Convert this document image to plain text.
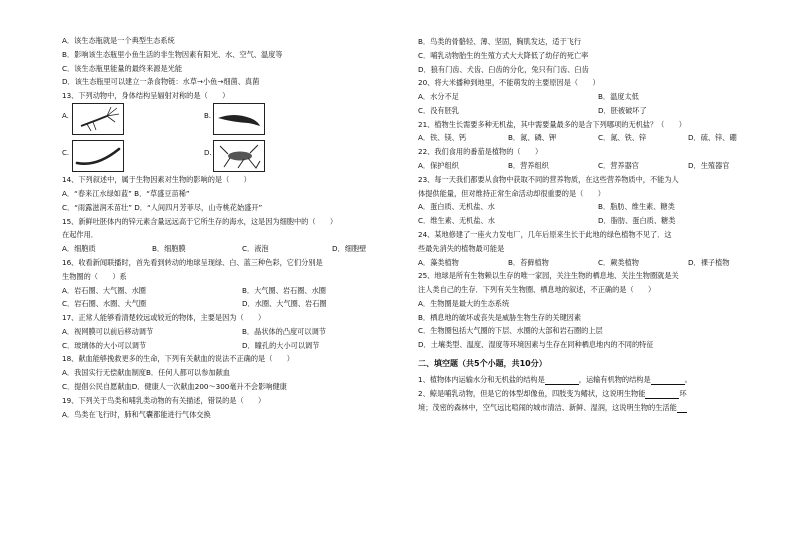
A．该生态瓶就是一个典型生态系统
B．影响该生态瓶里小鱼生活的非生物因素有阳光、水、空气、温度等
C．该生态瓶里能量的最终来源是光能
D．该生态瓶里可以建立一条食物链：水草→小鱼→细菌、真菌
13、下列动物中，身体结构呈辐射对称的是（　　）
A.	B.
C.	D.
14、下列叙述中，属于生物因素对生物的影响的是（　　）
A．“春来江水绿如蓝” B．“草盛豆苗稀”
C．“雨露滋润禾苗壮” D．“人间四月芳菲尽，山寺桃花始盛开”
15、新鲜吐胚体内的锌元素含量远远高于它所生存的海水，这是因为细胞中的（　　）
在起作用．
A．细胞质	B．细胞膜	C．液泡	D．细胞壁
16、收看新闻联播时，首先看到转动的地球呈现绿、白、蓝三种色彩，它们分别是
生物圈的（　　）系
A．岩石圈、大气圈、水圈	B．大气圈、岩石圈、水圈
C．岩石圈、水圈、大气圈	D．水圈、大气圈、岩石圈
17、正常人能够看清楚较远或较近的物体，主要是因为（　　）
A．视网膜可以前后移动调节	B．晶状体的凸度可以调节
C．玻璃体的大小可以调节	D．瞳孔的大小可以调节
18、献血能够挽救更多的生命，下列有关献血的说法不正确的是（　　）
A．我国实行无偿献血制度B．任何人都可以参加献血
C．提倡公民自愿献血D．健康人一次献血200～300毫升不会影响健康
19、下列关于鸟类和哺乳类动物的有关描述，错误的是（　　）
A．鸟类在飞行时，肺和气囊都能进行气体交换
B．鸟类的骨骼轻、薄、坚固，胸肌发达，适于飞行
C．哺乳动物胎生的生殖方式大大降低了幼仔的死亡率
D．狼有门齿、犬齿、臼齿的分化，兔只有门齿、臼齿
20、将大米播种到地里，不能萌发的主要原因是（　　）
A．水分不足	B．温度太低
C．没有胚乳	D．胚被破坏了
21、植物生长需要多种无机盐，其中需要量最多的是含下列哪项的无机盐？（　　）
A．铁、镁、钙	B．氮、磷、钾	C．氮、铁、锌	D．硫、锌、硼
22、我们食用的番茄是植物的（　　）
A．保护组织	B．营养组织	C．营养器官	D．生殖器官
23、每一天我们都要从食物中获取不同的营养物质，在这些营养物质中，不能为人
体提供能量，但对维持正常生命活动却很重要的是（　　）
A．蛋白质、无机盐、水	B．脂肪、维生素、糖类
C．维生素、无机盐、水	D．脂肪、蛋白质、糖类
24、某地修建了一座火力发电厂，几年后原来生长于此地的绿色植物不见了．这
些最先消失的植物最可能是
A．藻类植物	B．苔藓植物	C．蕨类植物	D．裸子植物
25、地球是所有生物赖以生存的唯一家园，关注生物的栖息地、关注生物圈就是关
注人类自己的生存．下列有关生物圈、栖息地的叙述，不正确的是（　　）
A．生物圈是最大的生态系统
B．栖息地的破坏或丧失是威胁生物生存的关键因素
C．生物圈包括大气圈的下层、水圈的大部和岩石圈的上层
D．土壤类型、温度、湿度等环境因素与生存在同种栖息地内的不同的特征
二、填空题（共5个小题，共10分）
1、植物体内运输水分和无机盐的结构是	，运输有机物的结构是	。
2、鲸是哺乳动物，但是它的体型却像鱼，四肢变为鳍状，这说明生物能	环
境；茂密的森林中，空气远比喧闹的城市清洁、新鲜、湿润，这说明生物的生活能
